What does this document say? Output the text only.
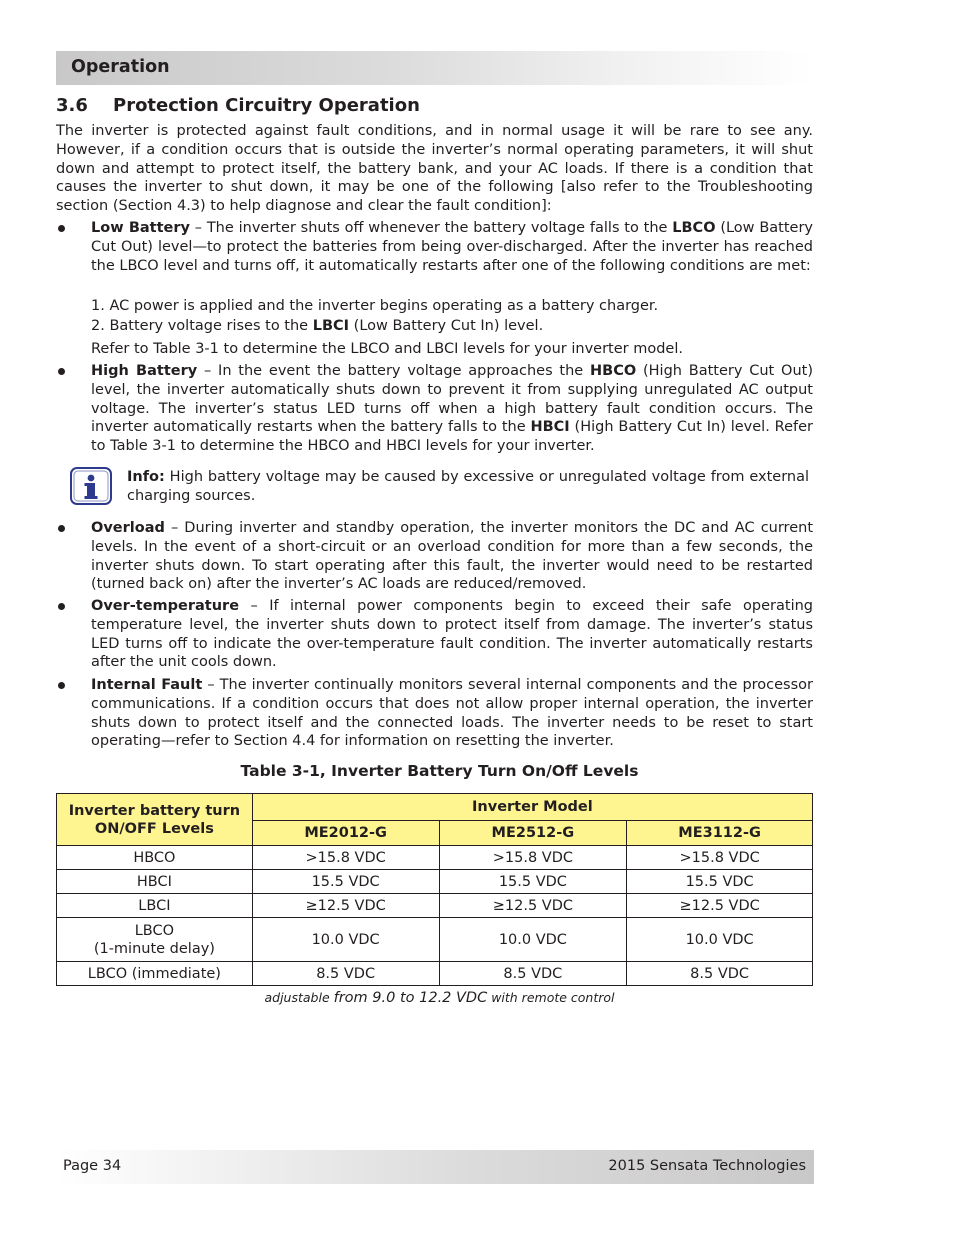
Operation
3.6 Protection Circuitry Operation
The inverter is protected against fault conditions, and in normal usage it will be rare to see any. However, if a condition occurs that is outside the inverter’s normal operating parameters, it will shut down and attempt to protect itself, the battery bank, and your AC loads. If there is a condition that causes the inverter to shut down, it may be one of the following [also refer to the Troubleshooting section (Section 4.3) to help diagnose and clear the fault condition]:
Low Battery – The inverter shuts off whenever the battery voltage falls to the LBCO (Low Battery Cut Out) level—to protect the batteries from being over-discharged. After the inverter has reached the LBCO level and turns off, it automatically restarts after one of the following conditions are met:
1. AC power is applied and the inverter begins operating as a battery charger.
2. Battery voltage rises to the LBCI (Low Battery Cut In) level.
Refer to Table 3-1 to determine the LBCO and LBCI levels for your inverter model.
High Battery – In the event the battery voltage approaches the HBCO (High Battery Cut Out) level, the inverter automatically shuts down to prevent it from supplying unregulated AC output voltage. The inverter’s status LED turns off when a high battery fault condition occurs. The inverter automatically restarts when the battery falls to the HBCI (High Battery Cut In) level. Refer to Table 3-1 to determine the HBCO and HBCI levels for your inverter.
Info: High battery voltage may be caused by excessive or unregulated voltage from external charging sources.
Overload – During inverter and standby operation, the inverter monitors the DC and AC current levels. In the event of a short-circuit or an overload condition for more than a few seconds, the inverter shuts down. To start operating after this fault, the inverter would need to be restarted (turned back on) after the inverter’s AC loads are reduced/removed.
Over-temperature – If internal power components begin to exceed their safe operating temperature level, the inverter shuts down to protect itself from damage. The inverter’s status LED turns off to indicate the over-temperature fault condition. The inverter automatically restarts after the unit cools down.
Internal Fault – The inverter continually monitors several internal components and the processor communications. If a condition occurs that does not allow proper internal operation, the inverter shuts down to protect itself and the connected loads. The inverter needs to be reset to start operating—refer to Section 4.4 for information on resetting the inverter.
Table 3-1, Inverter Battery Turn On/Off Levels
Inverter battery turn ON/OFF Levels	Inverter Model		
	ME2012-G	ME2512-G	ME3112-G
HBCO	>15.8 VDC	>15.8 VDC	>15.8 VDC
HBCI	15.5 VDC	15.5 VDC	15.5 VDC
LBCI	≥12.5 VDC	≥12.5 VDC	≥12.5 VDC

LBCO
(1-minute delay)	10.0 VDC	10.0 VDC	10.0 VDC
LBCO (immediate)	8.5 VDC	8.5 VDC	8.5 VDC
adjustable from 9.0 to 12.2 VDC with remote control
Page 34	2015 Sensata Technologies
